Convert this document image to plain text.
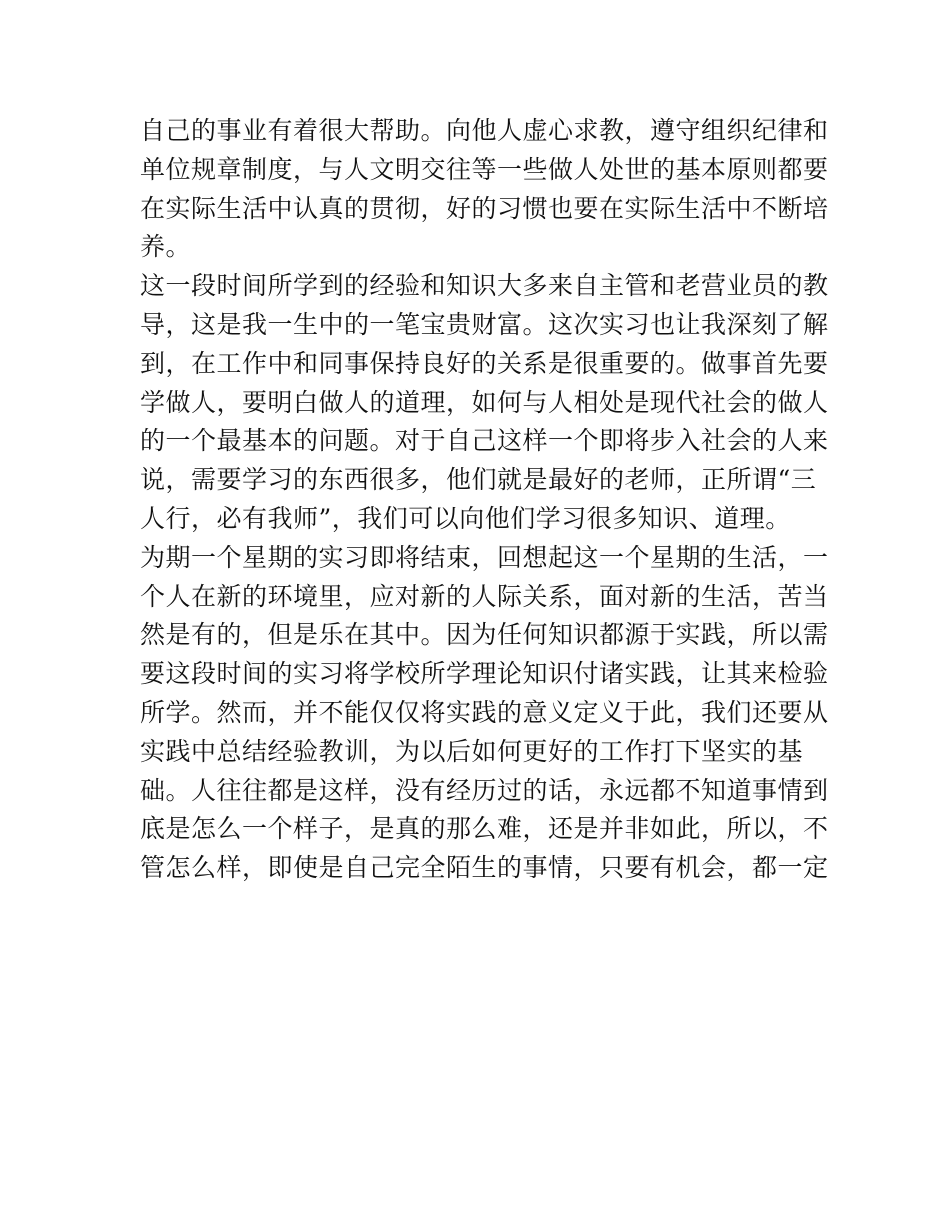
自己的事业有着很大帮助。向他人虚心求教，遵守组织纪律和
单位规章制度，与人文明交往等一些做人处世的基本原则都要
在实际生活中认真的贯彻，好的习惯也要在实际生活中不断培
养。
这一段时间所学到的经验和知识大多来自主管和老营业员的教
导，这是我一生中的一笔宝贵财富。这次实习也让我深刻了解
到，在工作中和同事保持良好的关系是很重要的。做事首先要
学做人，要明白做人的道理，如何与人相处是现代社会的做人
的一个最基本的问题。对于自己这样一个即将步入社会的人来
说，需要学习的东西很多，他们就是最好的老师，正所谓“三
人行，必有我师”，我们可以向他们学习很多知识、道理。
为期一个星期的实习即将结束，回想起这一个星期的生活，一
个人在新的环境里，应对新的人际关系，面对新的生活，苦当
然是有的，但是乐在其中。因为任何知识都源于实践，所以需
要这段时间的实习将学校所学理论知识付诸实践，让其来检验
所学。然而，并不能仅仅将实践的意义定义于此，我们还要从
实践中总结经验教训，为以后如何更好的工作打下坚实的基
础。人往往都是这样，没有经历过的话，永远都不知道事情到
底是怎么一个样子，是真的那么难，还是并非如此，所以，不
管怎么样，即使是自己完全陌生的事情，只要有机会，都一定
